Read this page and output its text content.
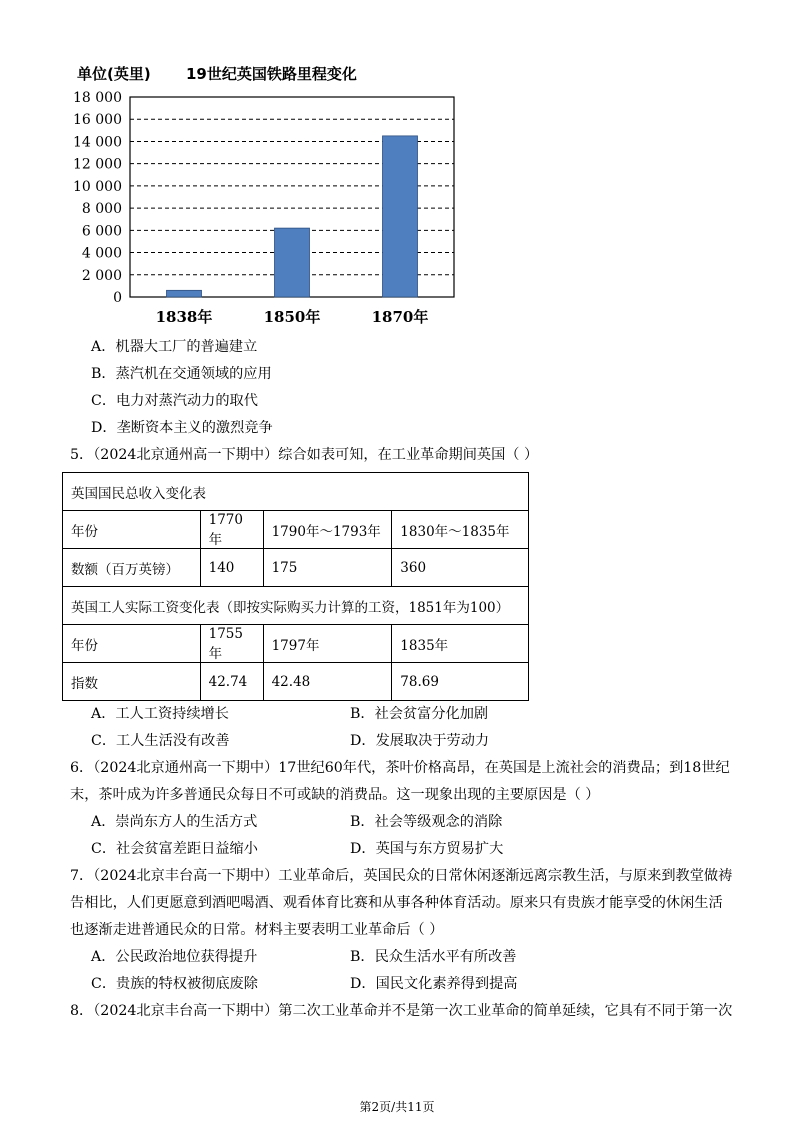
单位(英里) 19世纪英国铁路里程变化
0
2 000
4 000
6 000
8 000
10 000
12 000
14 000
16 000
18 000
1838年	1850年	1870年
A．机器大工厂的普遍建立
B．蒸汽机在交通领域的应用
C．电力对蒸汽动力的取代
D．垄断资本主义的激烈竞争
5．（2024北京通州高一下期中）综合如表可知，在工业革命期间英国（ ）
英国国民总收入变化表			
年份	1770年	1790年～1793年	1830年～1835年
数额（百万英镑）	140	175	360
英国工人实际工资变化表（即按实际购买力计算的工资，1851年为100）			
年份	1755年	1797年	1835年
指数	42.74	42.48	78.69
A．工人工资持续增长	B．社会贫富分化加剧
C．工人生活没有改善	D．发展取决于劳动力
6．（2024北京通州高一下期中）17世纪60年代，茶叶价格高昂，在英国是上流社会的消费品；到18世纪
末，茶叶成为许多普通民众每日不可或缺的消费品。这一现象出现的主要原因是（ ）
A．崇尚东方人的生活方式	B．社会等级观念的消除
C．社会贫富差距日益缩小	D．英国与东方贸易扩大
7．（2024北京丰台高一下期中）工业革命后，英国民众的日常休闲逐渐远离宗教生活，与原来到教堂做祷
告相比，人们更愿意到酒吧喝酒、观看体育比赛和从事各种体育活动。原来只有贵族才能享受的休闲生活
也逐渐走进普通民众的日常。材料主要表明工业革命后（ ）
A．公民政治地位获得提升	B．民众生活水平有所改善
C．贵族的特权被彻底废除	D．国民文化素养得到提高
8．（2024北京丰台高一下期中）第二次工业革命并不是第一次工业革命的简单延续，它具有不同于第一次
第2页/共11页
